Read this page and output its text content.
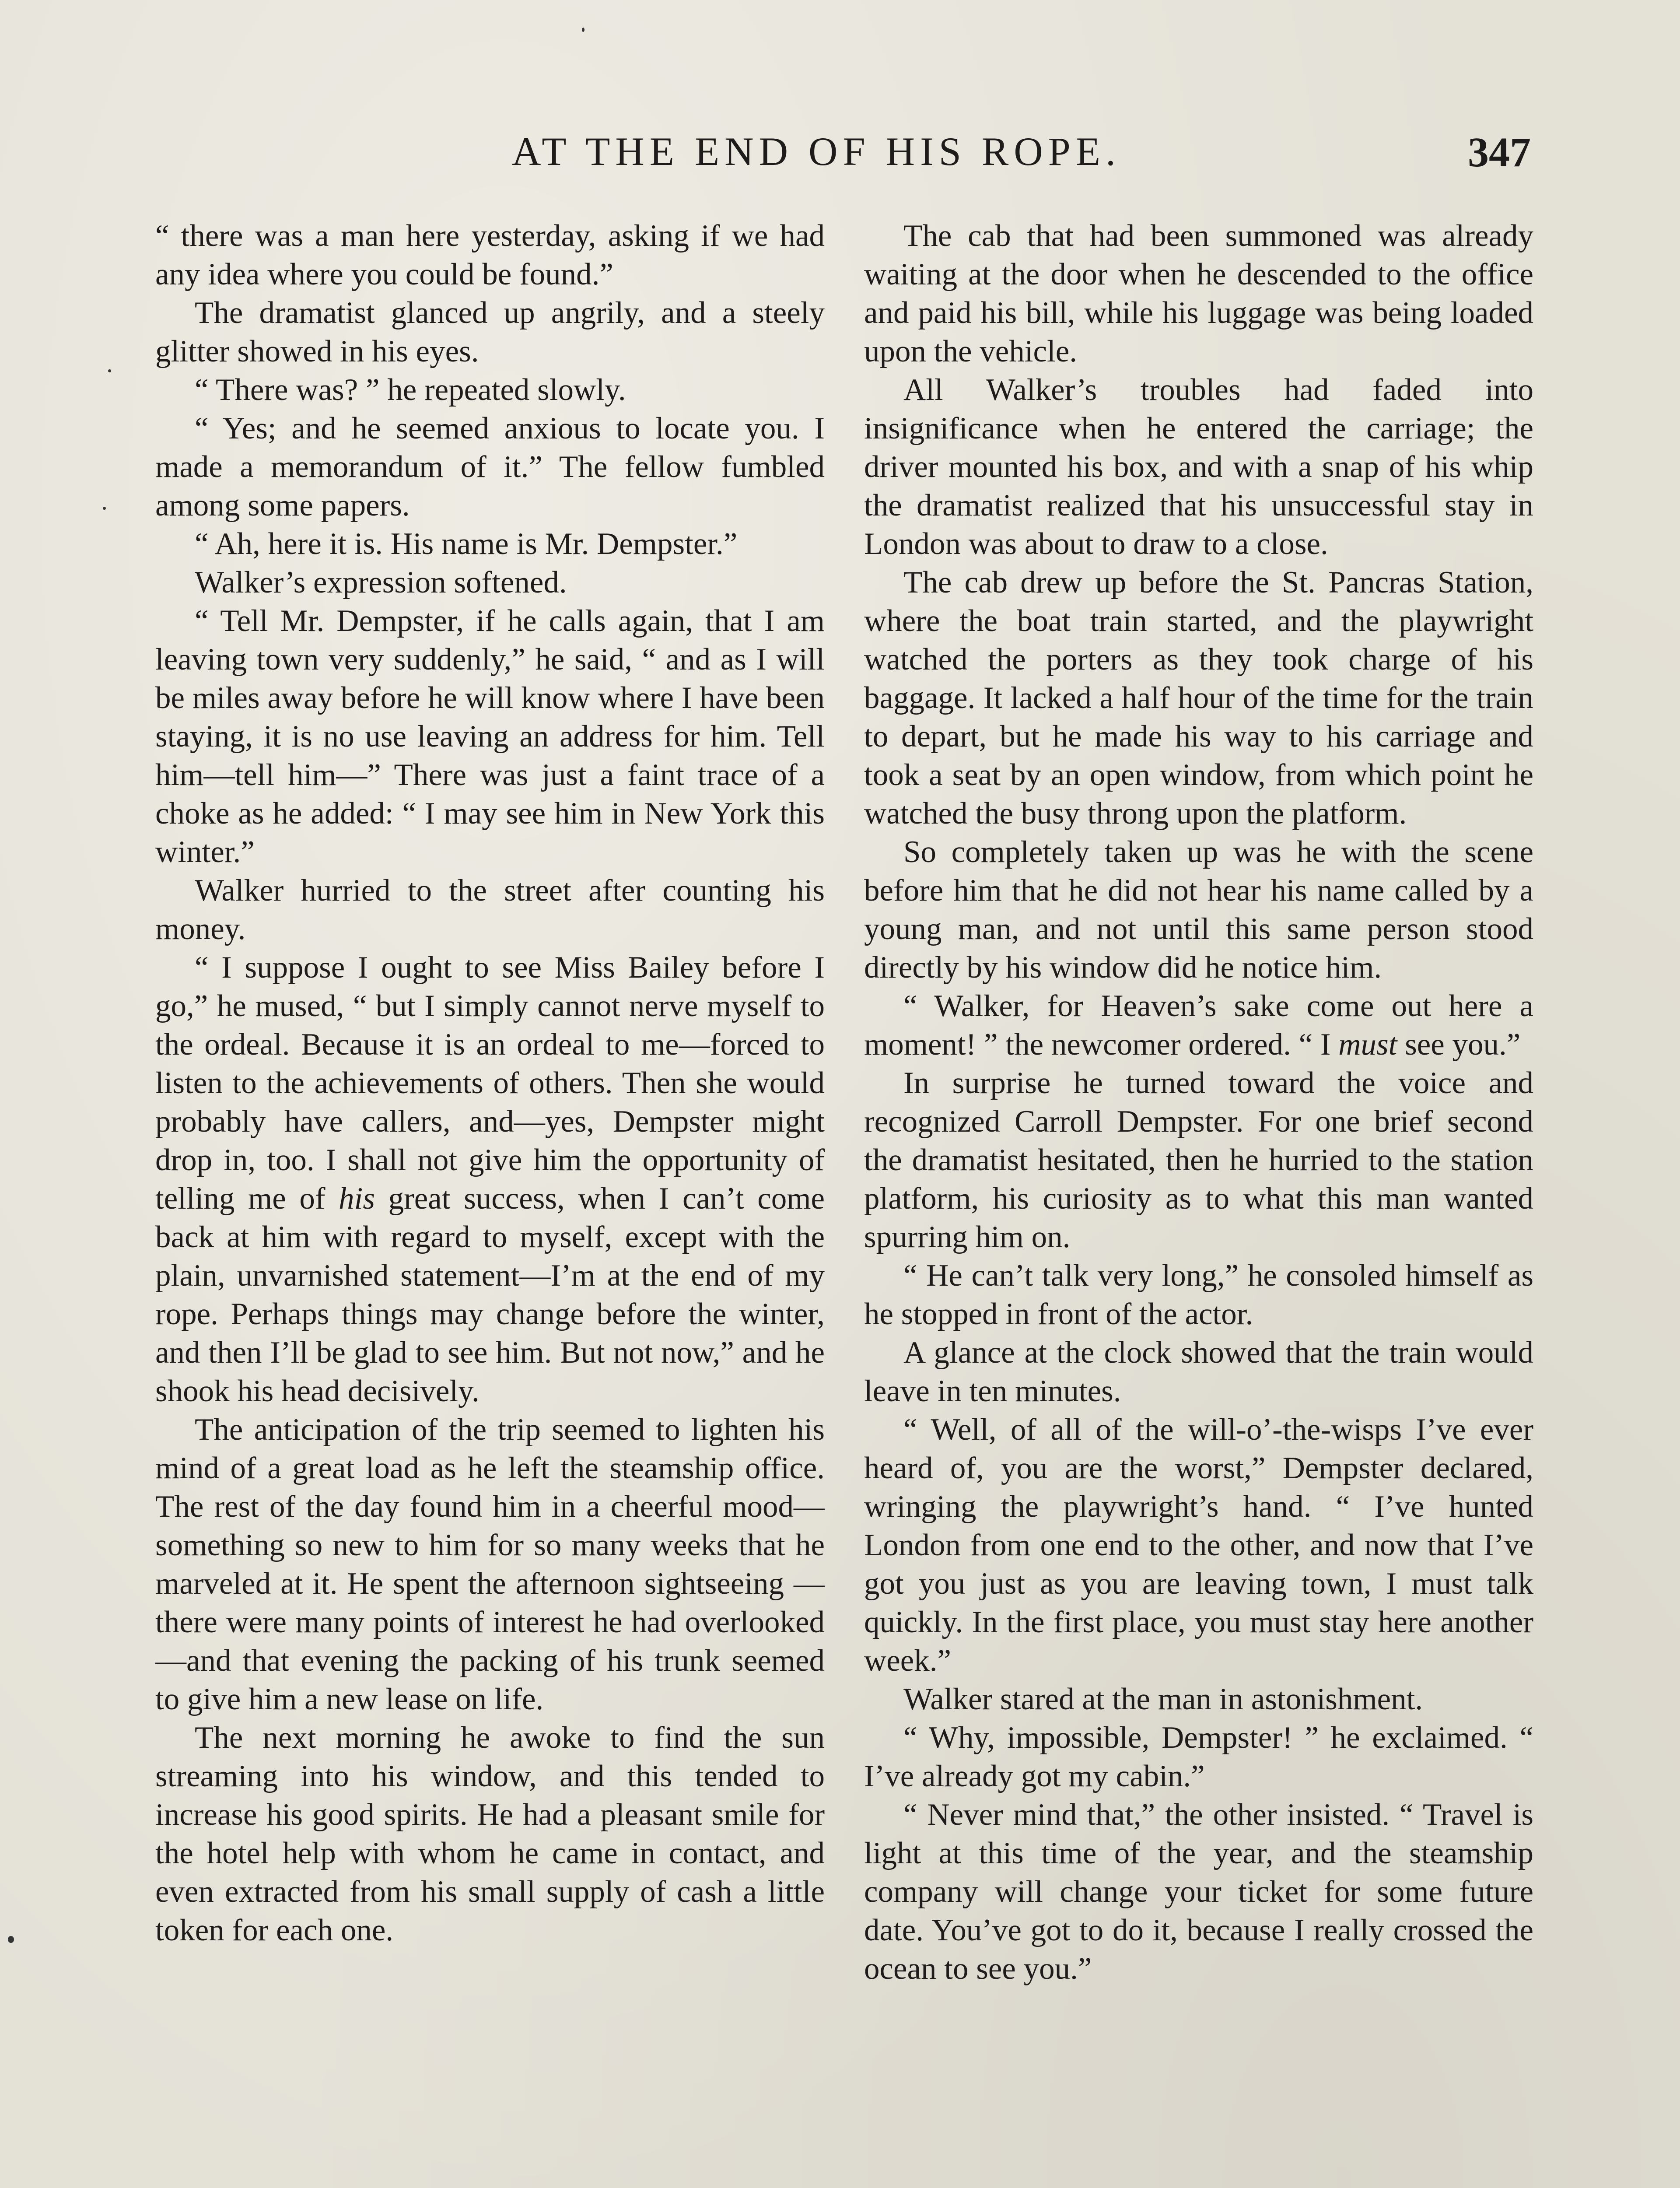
AT THE END OF HIS ROPE.	347

“ there was a man here yesterday, asking if we had any idea where you could be found.”

The dramatist glanced up angrily, and a steely glitter showed in his eyes.

“ There was? ” he repeated slowly.

“ Yes; and he seemed anxious to locate you. I made a memorandum of it.” The fellow fumbled among some papers.

“ Ah, here it is. His name is Mr. Dempster.”

Walker’s expression softened.

“ Tell Mr. Dempster, if he calls again, that I am leaving town very suddenly,” he said, “ and as I will be miles away before he will know where I have been staying, it is no use leaving an address for him. Tell him—tell him—” There was just a faint trace of a choke as he added: “ I may see him in New York this winter.”

Walker hurried to the street after counting his money.

“ I suppose I ought to see Miss Bailey before I go,” he mused, “ but I simply cannot nerve myself to the ordeal. Because it is an ordeal to me—forced to listen to the achievements of others. Then she would probably have callers, and—yes, Dempster might drop in, too. I shall not give him the opportunity of telling me of his great success, when I can’t come back at him with regard to myself, except with the plain, unvarnished statement—I’m at the end of my rope. Perhaps things may change before the winter, and then I’ll be glad to see him. But not now,” and he shook his head decisively.

The anticipation of the trip seemed to lighten his mind of a great load as he left the steamship office. The rest of the day found him in a cheerful mood—something so new to him for so many weeks that he marveled at it. He spent the afternoon sightseeing — there were many points of interest he had overlooked—and that evening the packing of his trunk seemed to give him a new lease on life.

The next morning he awoke to find the sun streaming into his window, and this tended to increase his good spirits. He had a pleasant smile for the hotel help with whom he came in contact, and even extracted from his small supply of cash a little token for each one.

The cab that had been summoned was already waiting at the door when he descended to the office and paid his bill, while his luggage was being loaded upon the vehicle.

All Walker’s troubles had faded into insignificance when he entered the carriage; the driver mounted his box, and with a snap of his whip the dramatist realized that his unsuccessful stay in London was about to draw to a close.

The cab drew up before the St. Pancras Station, where the boat train started, and the playwright watched the porters as they took charge of his baggage. It lacked a half hour of the time for the train to depart, but he made his way to his carriage and took a seat by an open window, from which point he watched the busy throng upon the platform.

So completely taken up was he with the scene before him that he did not hear his name called by a young man, and not until this same person stood directly by his window did he notice him.

“ Walker, for Heaven’s sake come out here a moment! ” the newcomer ordered. “ I must see you.”

In surprise he turned toward the voice and recognized Carroll Dempster. For one brief second the dramatist hesitated, then he hurried to the station platform, his curiosity as to what this man wanted spurring him on.

“ He can’t talk very long,” he consoled himself as he stopped in front of the actor.

A glance at the clock showed that the train would leave in ten minutes.

“ Well, of all of the will-o’-the-wisps I’ve ever heard of, you are the worst,” Dempster declared, wringing the playwright’s hand. “ I’ve hunted London from one end to the other, and now that I’ve got you just as you are leaving town, I must talk quickly. In the first place, you must stay here another week.”

Walker stared at the man in astonishment.

“ Why, impossible, Dempster! ” he exclaimed. “ I’ve already got my cabin.”

“ Never mind that,” the other insisted. “ Travel is light at this time of the year, and the steamship company will change your ticket for some future date. You’ve got to do it, because I really crossed the ocean to see you.”
